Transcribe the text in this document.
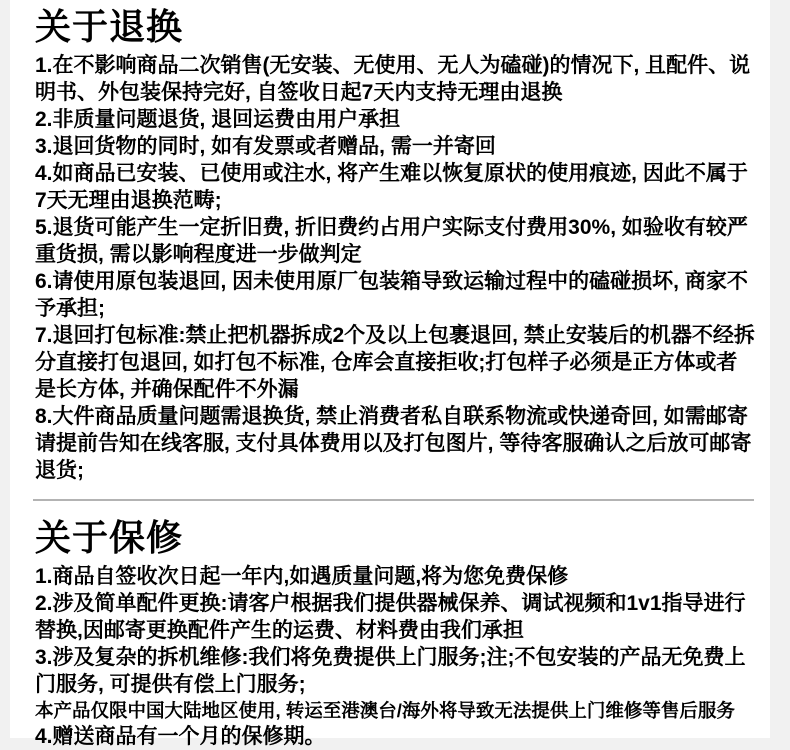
关于退换

1.在不影响商品二次销售(无安装、无使用、无人为磕碰)的情况下, 且配件、说明书、外包装保持完好, 自签收日起7天内支持无理由退换

2.非质量问题退货, 退回运费由用户承担

3.退回货物的同时, 如有发票或者赠品, 需一并寄回

4.如商品已安装、已使用或注水, 将产生难以恢复原状的使用痕迹, 因此不属于7天无理由退换范畴;

5.退货可能产生一定折旧费, 折旧费约占用户实际支付费用30%, 如验收有较严重货损, 需以影响程度进一步做判定

6.请使用原包装退回, 因未使用原厂包装箱导致运输过程中的磕碰损坏, 商家不予承担;

7.退回打包标准:禁止把机器拆成2个及以上包裹退回, 禁止安装后的机器不经拆分直接打包退回, 如打包不标准, 仓库会直接拒收;打包样子必须是正方体或者是长方体, 并确保配件不外漏

8.大件商品质量问题需退换货, 禁止消费者私自联系物流或快递奇回, 如需邮寄请提前告知在线客服, 支付具体费用以及打包图片, 等待客服确认之后放可邮寄退货;

关于保修

1.商品自签收次日起一年内,如遇质量问题,将为您免费保修

2.涉及简单配件更换:请客户根据我们提供器械保养、调试视频和1v1指导进行替换,因邮寄更换配件产生的运费、材料费由我们承担

3.涉及复杂的拆机维修:我们将免费提供上门服务;注;不包安装的产品无免费上门服务, 可提供有偿上门服务;

本产品仅限中国大陆地区使用, 转运至港澳台/海外将导致无法提供上门维修等售后服务

4.赠送商品有一个月的保修期。
